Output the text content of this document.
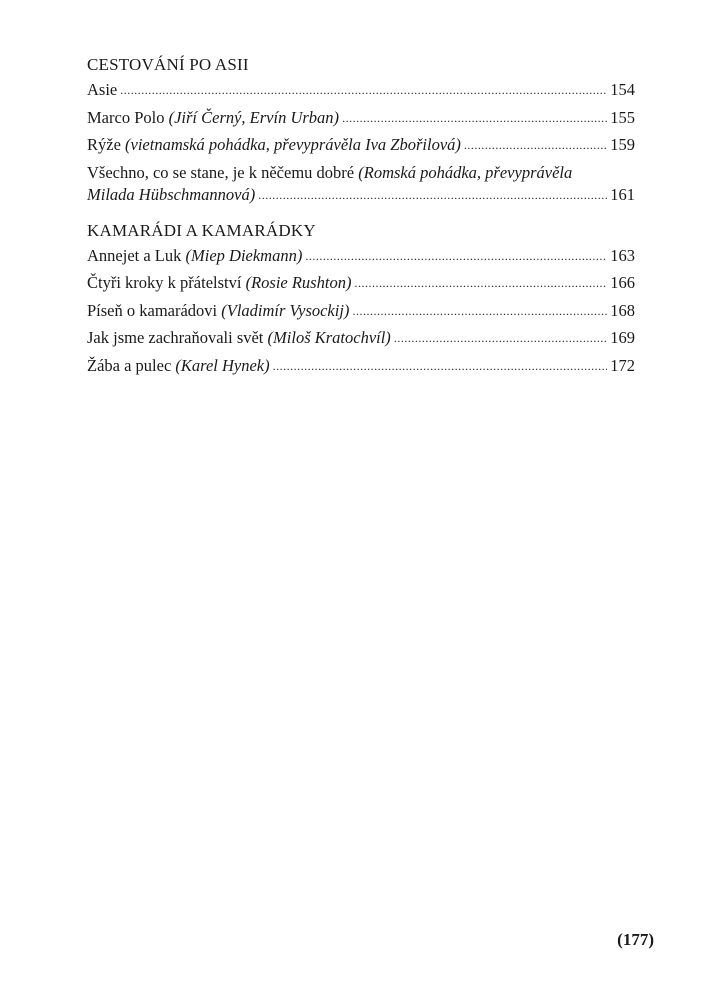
CESTOVÁNÍ PO ASII
Asie .....	154
Marco Polo (Jiří Černý, Ervín Urban) .....	155
Rýže (vietnamská pohádka, převyprávěla Iva Zbořilová) .....	159
Všechno, co se stane, je k něčemu dobré (Romská pohádka, převyprávěla
Milada Hübschmannová) .....	161
KAMARÁDI A KAMARÁDKY
Annejet a Luk (Miep Diekmann) .....	163
Čtyři kroky k přátelství (Rosie Rushton) .....	166
Píseň o kamarádovi (Vladimír Vysockij) .....	168
Jak jsme zachraňovali svět (Miloš Kratochvíl) .....	169
Žába a pulec (Karel Hynek) .....	172
(177)
